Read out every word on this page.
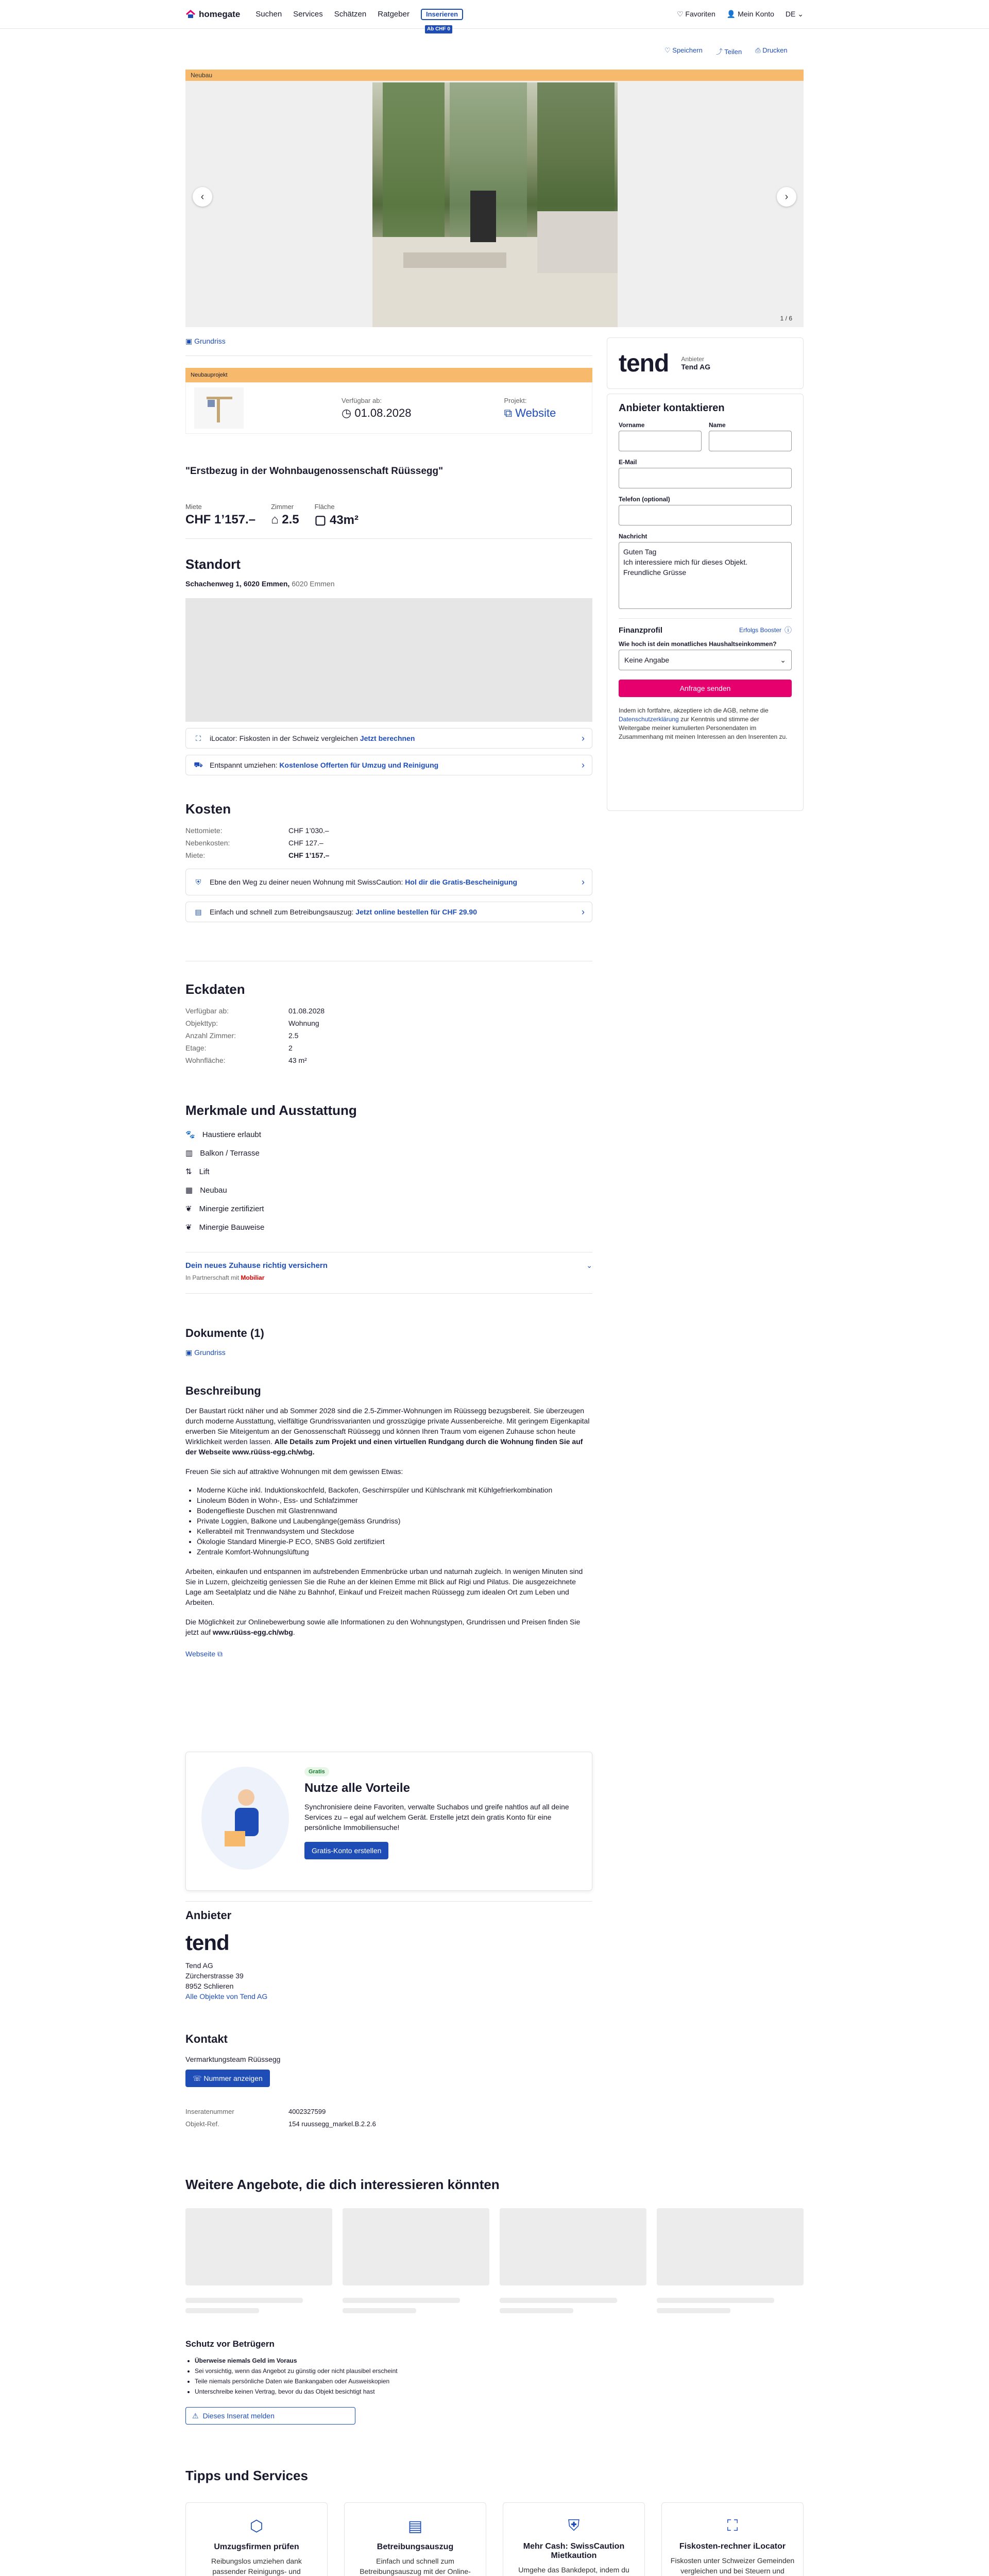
homegate Suchen Services Schätzen Ratgeber	Inserieren
Ab CHF 0
♡ Favoriten 👤 Mein Konto DE ⌄
♡ Speichern ⤴ Teilen ⎙ Drucken
‹	›
1 / 6
Neubau
▣ Grundriss
Neubauprojekt
Verfügbar ab:
◷ 01.08.2028
Projekt:
⧉ Website
"Erstbezug in der Wohnbaugenossenschaft Rüüssegg"
Miete
CHF 1’157.–
Zimmer
⌂ 2.5
Fläche
▢ 43m²
Standort
Schachenweg 1, 6020 Emmen, 6020 Emmen
⛶	iLocator: Fiskosten in der Schweiz vergleichen Jetzt berechnen	›
⛟ Entspannt umziehen: Kostenlose Offerten für Umzug und Reinigung	›
Kosten
Nettomiete:	CHF 1’030.–
Nebenkosten:	CHF 127.–
Miete:	CHF 1’157.–
⛨	Ebne den Weg zu deiner neuen Wohnung mit SwissCaution: Hol dir die Gratis-Bescheinigung	›
▤ Einfach und schnell zum Betreibungsauszug: Jetzt online bestellen für CHF 29.90	›
Eckdaten
Verfügbar ab:	01.08.2028
Objekttyp:	Wohnung
Anzahl Zimmer:	2.5
Etage:	2
Wohnfläche:	43 m²
Merkmale und Ausstattung
🐾 Haustiere erlaubt
▥ Balkon / Terrasse
⇅ Lift
▦ Neubau
❦ Minergie zertifiziert
❦ Minergie Bauweise
Dein neues Zuhause richtig versichern	⌄
In Partnerschaft mit Mobiliar
Dokumente (1)
▣ Grundriss
Beschreibung

Der Baustart rückt näher und ab Sommer 2028 sind die 2.5-Zimmer-Wohnungen im Rüüssegg bezugsbereit. Sie überzeugen durch moderne Ausstattung, vielfältige Grundrissvarianten und grosszügige private Aussenbereiche. Mit geringem Eigenkapital erwerben Sie Miteigentum an der Genossenschaft Rüüssegg und können Ihren Traum vom eigenen Zuhause schon heute Wirklichkeit werden lassen. Alle Details zum Projekt und einen virtuellen Rundgang durch die Wohnung finden Sie auf der Webseite www.rüüss-egg.ch/wbg.

Freuen Sie sich auf attraktive Wohnungen mit dem gewissen Etwas:

• Moderne Küche inkl. Induktionskochfeld, Backofen, Geschirrspüler und Kühlschrank mit Kühlgefrierkombination
• Linoleum Böden in Wohn-, Ess- und Schlafzimmer
• Bodengeflieste Duschen mit Glastrennwand
• Private Loggien, Balkone und Laubengänge(gemäss Grundriss)
• Kellerabteil mit Trennwandsystem und Steckdose
• Ökologie Standard Minergie-P ECO, SNBS Gold zertifiziert
• Zentrale Komfort-Wohnungslüftung

Arbeiten, einkaufen und entspannen im aufstrebenden Emmenbrücke urban und naturnah zugleich. In wenigen Minuten sind Sie in Luzern, gleichzeitig geniessen Sie die Ruhe an der kleinen Emme mit Blick auf Rigi und Pilatus. Die ausgezeichnete Lage am Seetalplatz und die Nähe zu Bahnhof, Einkauf und Freizeit machen Rüüssegg zum idealen Ort zum Leben und Arbeiten.

Die Möglichkeit zur Onlinebewerbung sowie alle Informationen zu den Wohnungstypen, Grundrissen und Preisen finden Sie jetzt auf www.rüüss-egg.ch/wbg.

Webseite ⧉
Gratis
Nutze alle Vorteile
Synchronisiere deine Favoriten, verwalte Suchabos und greife nahtlos auf all deine Services zu – egal auf welchem Gerät. Erstelle jetzt dein gratis Konto für eine persönliche Immobiliensuche!
Gratis-Konto erstellen
Anbieter
tend
Tend AG
Zürcherstrasse 39
8952 Schlieren
Alle Objekte von Tend AG
Kontakt
Vermarktungsteam Rüüssegg
☏
Nummer anzeigen
Inseratenummer	4002327599
Objekt-Ref.	154 ruussegg_markel.B.2.2.6
tend Anbieter
Tend AG
Anbieter kontaktieren
Vorname	Name
E-Mail
Telefon (optional)
Nachricht
Guten Tag
Ich interessiere mich für dieses Objekt.
Freundliche Grüsse
Finanzprofil	Erfolgs Booster ⓘ
Wie hoch ist dein monatliches Haushaltseinkommen?
Keine Angabe	⌄
Anfrage senden
Indem ich fortfahre, akzeptiere ich die AGB, nehme die Datenschutzerklärung zur Kenntnis und stimme der Weitergabe meiner kumulierten Personendaten im Zusammenhang mit meinen Interessen an den Inserenten zu.
Weitere Angebote, die dich interessieren könnten
Schutz vor Betrügern
• Überweise niemals Geld im Voraus
• Sei vorsichtig, wenn das Angebot zu günstig oder nicht plausibel erscheint
• Teile niemals persönliche Daten wie Bankangaben oder Ausweiskopien
• Unterschreibe keinen Vertrag, bevor du das Objekt besichtigt hast
⚠ Dieses Inserat melden
Tipps und Services
⬡
Umzugsfirmen prüfen

Reibungslos umziehen dank passender Reinigungs- und

▤
Betreibungsauszug

Einfach und schnell zum Betreibungsauszug mit der Online-

⛨
Mehr Cash: SwissCaution Mietkaution

Umgehe das Bankdepot, indem du

⛶
Fiskosten-rechner iLocator

Fiskosten unter Schweizer Gemeinden vergleichen und bei Steuern und
